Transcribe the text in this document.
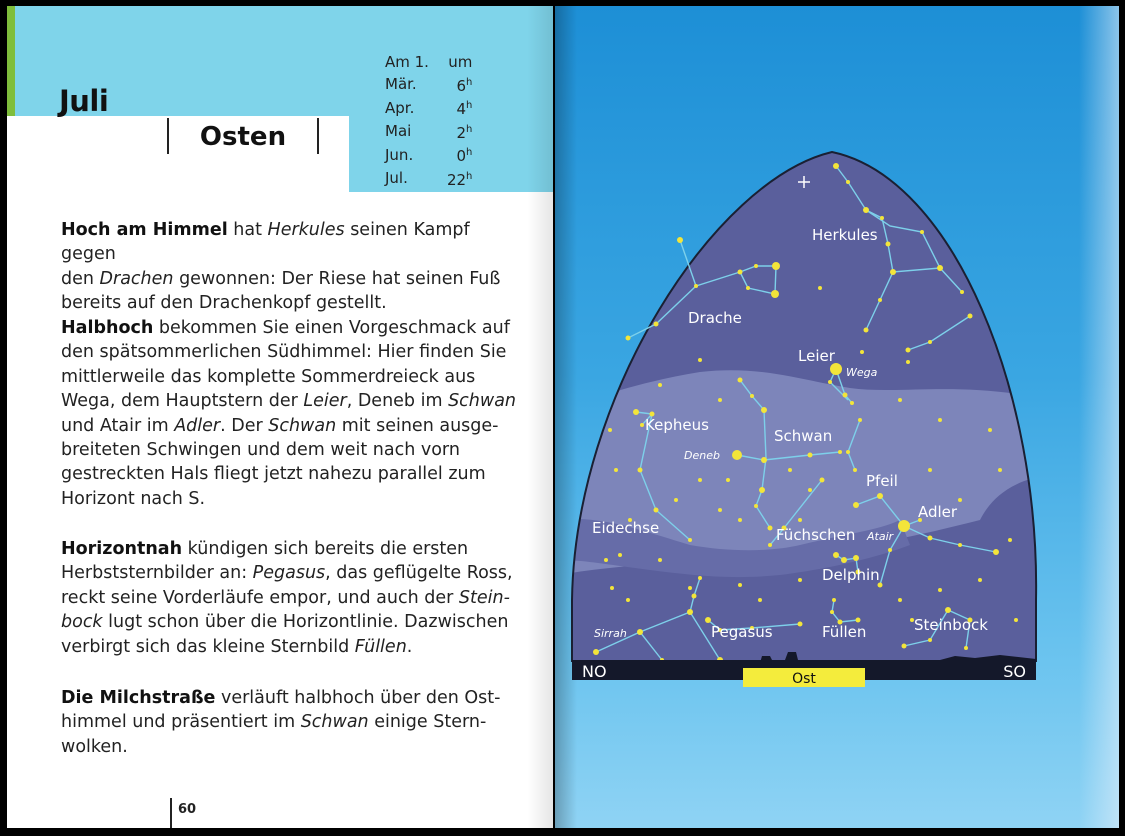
Juli
Osten
Am 1.	um
Mär.	6$^h$
Apr.	4$^h$
Mai	2$^h$
Jun.	0$^h$
Jul.	22$^h$

Hoch am Himmel hat Herkules seinen Kampf gegen
den Drachen gewonnen: Der Riese hat seinen Fuß
bereits auf den Drachenkopf gestellt.

Halbhoch bekommen Sie einen Vorgeschmack auf
den spätsommerlichen Südhimmel: Hier finden Sie
mittlerweile das komplette Sommerdreieck aus
Wega, dem Hauptstern der Leier, Deneb im Schwan
und Atair im Adler. Der Schwan mit seinen ausge-
breiteten Schwingen und dem weit nach vorn
gestreckten Hals fliegt jetzt nahezu parallel zum
Horizont nach S.

Horizontnah kündigen sich bereits die ersten
Herbststernbilder an: Pegasus, das geflügelte Ross,
reckt seine Vorderläufe empor, und auch der Stein-
bock lugt schon über die Horizontlinie. Dazwischen
verbirgt sich das kleine Sternbild Füllen.

Die Milchstraße verläuft halbhoch über den Ost-
himmel und präsentiert im Schwan einige Stern-
wolken.

60
Ost
NO	SO
Herkules
Drache
Leier
Kepheus
Schwan
Pfeil
Adler
Eidechse	Füchschen
Delphin
Pegasus	Füllen	Steinbock
Wega
Deneb
Atair
Sirrah
